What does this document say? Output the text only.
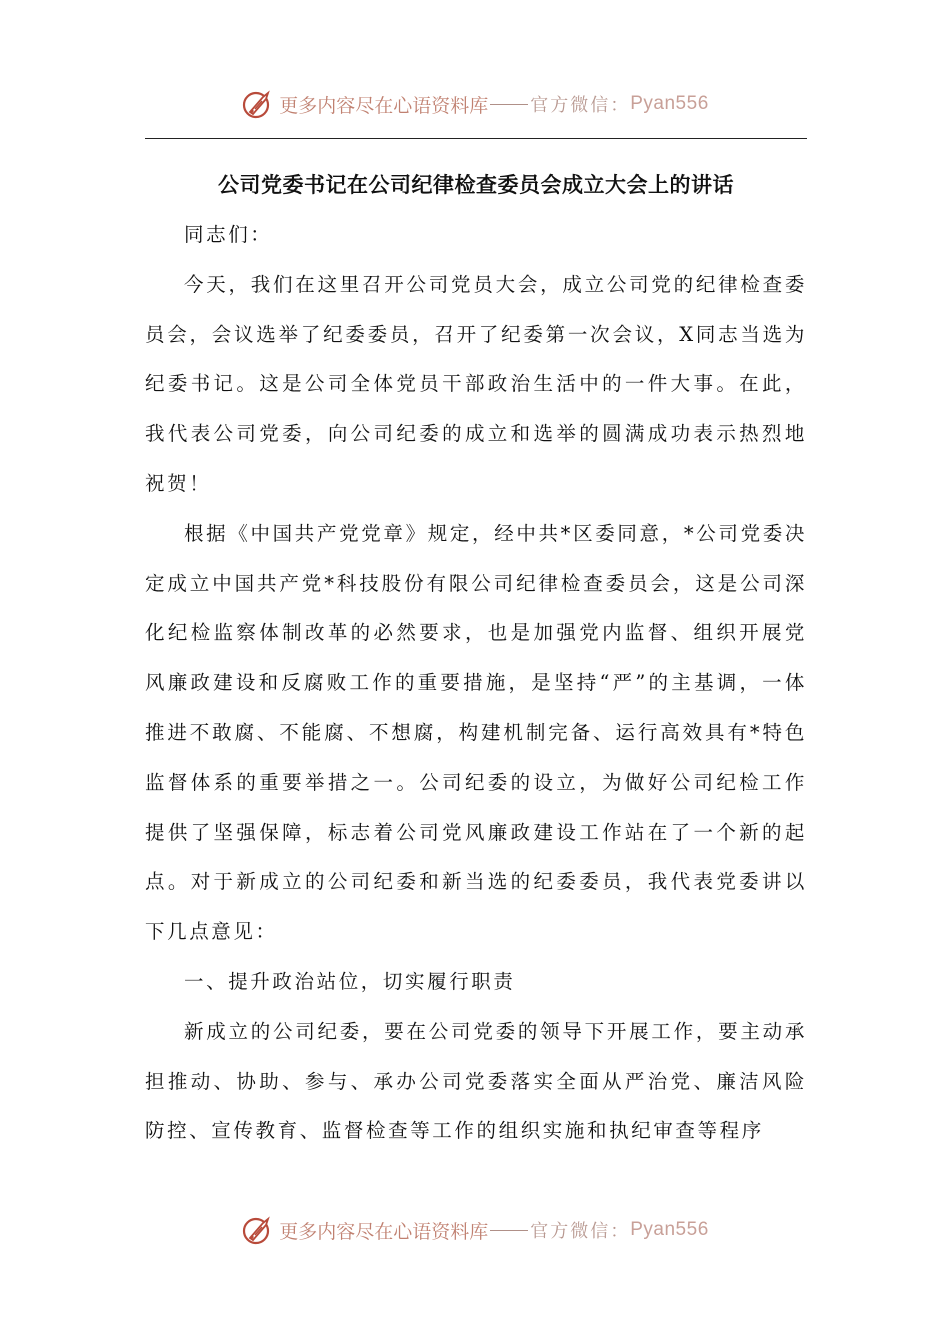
更多内容尽在心语资料库 官方微信： Pyan556
公司党委书记在公司纪律检查委员会成立大会上的讲话

同志们：

今天，我们在这里召开公司党员大会，成立公司党的纪律检查委员会，会议选举了纪委委员，召开了纪委第一次会议，X同志当选为纪委书记。这是公司全体党员干部政治生活中的一件大事。在此，我代表公司党委，向公司纪委的成立和选举的圆满成功表示热烈地祝贺！

根据《中国共产党党章》规定，经中共*区委同意，*公司党委决定成立中国共产党*科技股份有限公司纪律检查委员会，这是公司深化纪检监察体制改革的必然要求，也是加强党内监督、组织开展党风廉政建设和反腐败工作的重要措施，是坚持“严”的主基调，一体推进不敢腐、不能腐、不想腐，构建机制完备、运行高效具有*特色监督体系的重要举措之一。公司纪委的设立，为做好公司纪检工作提供了坚强保障，标志着公司党风廉政建设工作站在了一个新的起点。对于新成立的公司纪委和新当选的纪委委员，我代表党委讲以下几点意见：

一、提升政治站位，切实履行职责

新成立的公司纪委，要在公司党委的领导下开展工作，要主动承担推动、协助、参与、承办公司党委落实全面从严治党、廉洁风险防控、宣传教育、监督检查等工作的组织实施和执纪审查等程序

更多内容尽在心语资料库 官方微信： Pyan556
